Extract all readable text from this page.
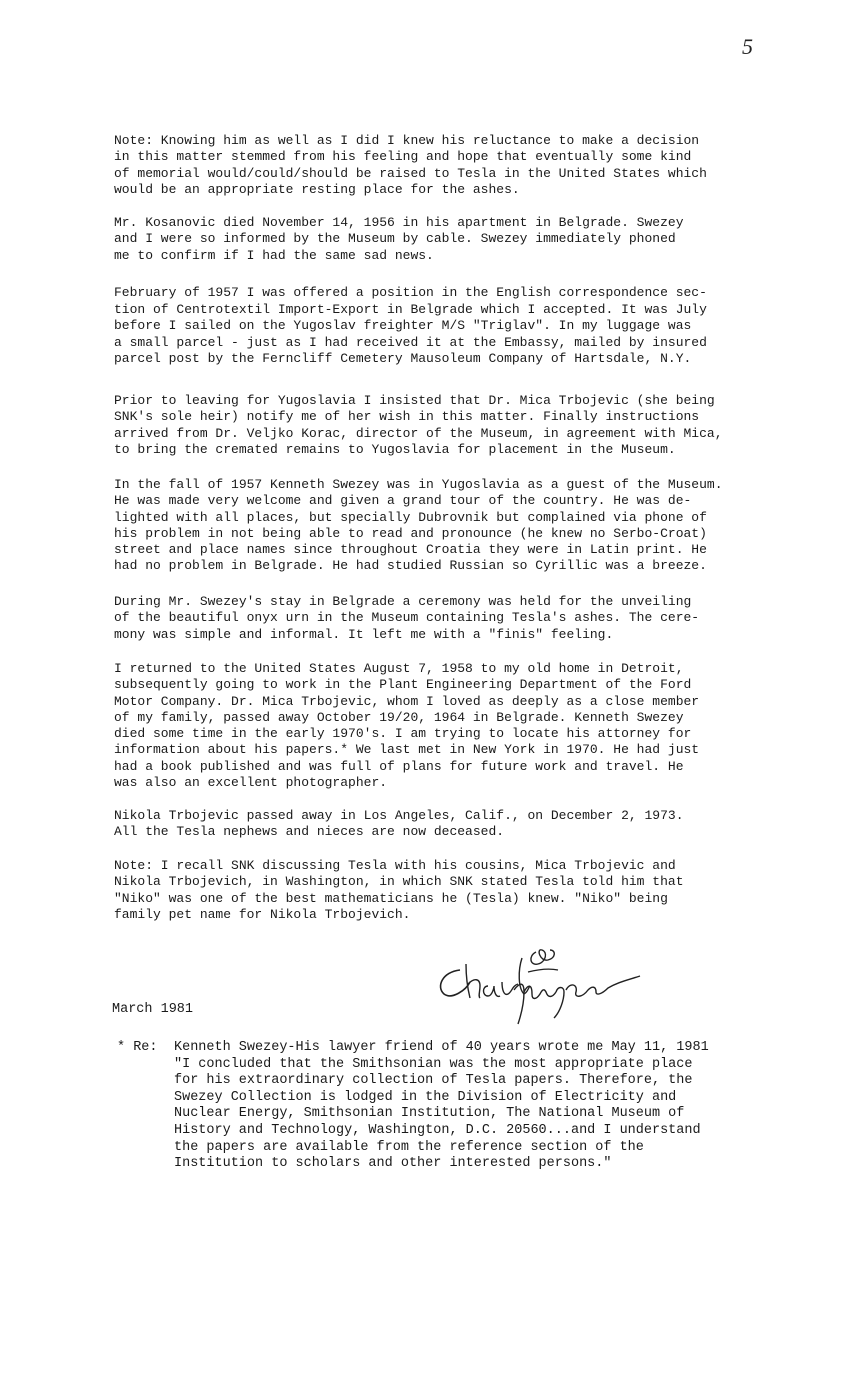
5

Note: Knowing him as well as I did I knew his reluctance to make a decision
in this matter stemmed from his feeling and hope that eventually some kind
of memorial would/could/should be raised to Tesla in the United States which
would be an appropriate resting place for the ashes.

Mr. Kosanovic died November 14, 1956 in his apartment in Belgrade. Swezey
and I were so informed by the Museum by cable. Swezey immediately phoned
me to confirm if I had the same sad news.

February of 1957 I was offered a position in the English correspondence sec-
tion of Centrotextil Import-Export in Belgrade which I accepted. It was July
before I sailed on the Yugoslav freighter M/S "Triglav". In my luggage was
a small parcel - just as I had received it at the Embassy, mailed by insured
parcel post by the Ferncliff Cemetery Mausoleum Company of Hartsdale, N.Y.

Prior to leaving for Yugoslavia I insisted that Dr. Mica Trbojevic (she being
SNK's sole heir) notify me of her wish in this matter. Finally instructions
arrived from Dr. Veljko Korac, director of the Museum, in agreement with Mica,
to bring the cremated remains to Yugoslavia for placement in the Museum.

In the fall of 1957 Kenneth Swezey was in Yugoslavia as a guest of the Museum.
He was made very welcome and given a grand tour of the country. He was de-
lighted with all places, but specially Dubrovnik but complained via phone of
his problem in not being able to read and pronounce (he knew no Serbo-Croat)
street and place names since throughout Croatia they were in Latin print. He
had no problem in Belgrade. He had studied Russian so Cyrillic was a breeze.

During Mr. Swezey's stay in Belgrade a ceremony was held for the unveiling
of the beautiful onyx urn in the Museum containing Tesla's ashes. The cere-
mony was simple and informal. It left me with a "finis" feeling.

I returned to the United States August 7, 1958 to my old home in Detroit,
subsequently going to work in the Plant Engineering Department of the Ford
Motor Company. Dr. Mica Trbojevic, whom I loved as deeply as a close member
of my family, passed away October 19/20, 1964 in Belgrade. Kenneth Swezey
died some time in the early 1970's. I am trying to locate his attorney for
information about his papers.* We last met in New York in 1970. He had just
had a book published and was full of plans for future work and travel. He
was also an excellent photographer.

Nikola Trbojevic passed away in Los Angeles, Calif., on December 2, 1973.
All the Tesla nephews and nieces are now deceased.

Note: I recall SNK discussing Tesla with his cousins, Mica Trbojevic and
Nikola Trbojevich, in Washington, in which SNK stated Tesla told him that
"Niko" was one of the best mathematicians he (Tesla) knew. "Niko" being
family pet name for Nikola Trbojevich.

March 1981

* Re:

Kenneth Swezey-His lawyer friend of 40 years wrote me May 11, 1981
"I concluded that the Smithsonian was the most appropriate place
for his extraordinary collection of Tesla papers. Therefore, the
Swezey Collection is lodged in the Division of Electricity and
Nuclear Energy, Smithsonian Institution, The National Museum of
History and Technology, Washington, D.C. 20560...and I understand
the papers are available from the reference section of the
Institution to scholars and other interested persons."
